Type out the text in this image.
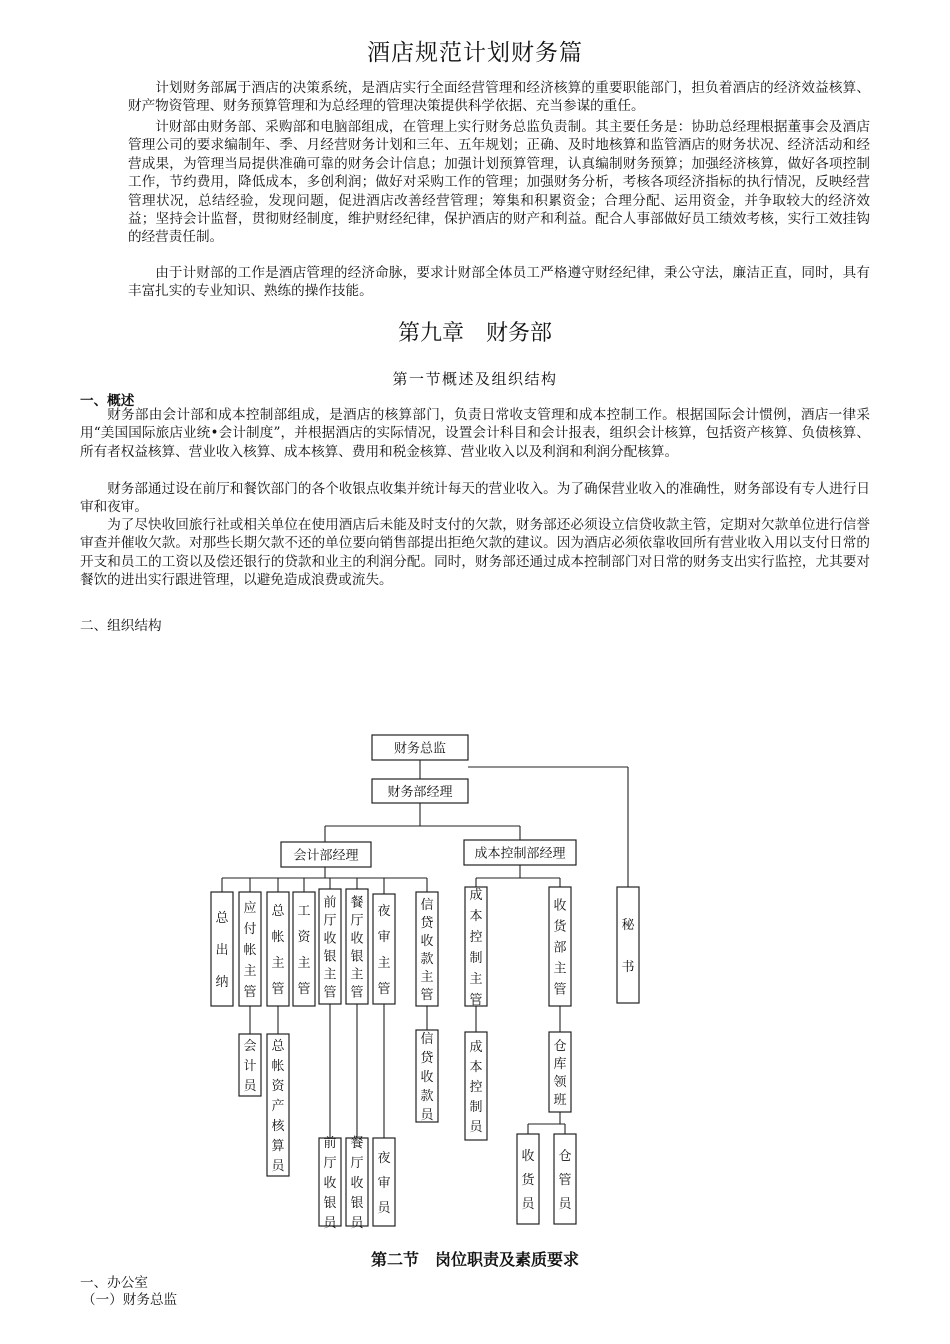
酒店规范计划财务篇

计划财务部属于酒店的决策系统，是酒店实行全面经营管理和经济核算的重要职能部门，担负着酒店的经济效益核算、财产物资管理、财务预算管理和为总经理的管理决策提供科学依据、充当参谋的重任。

计财部由财务部、采购部和电脑部组成，在管理上实行财务总监负责制。其主要任务是：协助总经理根据董事会及酒店管理公司的要求编制年、季、月经营财务计划和三年、五年规划；正确、及时地核算和监管酒店的财务状况、经济活动和经营成果，为管理当局提供准确可靠的财务会计信息；加强计划预算管理，认真编制财务预算；加强经济核算，做好各项控制工作，节约费用，降低成本，多创利润；做好对采购工作的管理；加强财务分析，考核各项经济指标的执行情况，反映经营管理状况，总结经验，发现问题，促进酒店改善经营管理；筹集和积累资金；合理分配、运用资金，并争取较大的经济效益；坚持会计监督，贯彻财经制度，维护财经纪律，保护酒店的财产和利益。配合人事部做好员工绩效考核，实行工效挂钩的经营责任制。

由于计财部的工作是酒店管理的经济命脉，要求计财部全体员工严格遵守财经纪律，秉公守法，廉洁正直，同时，具有丰富扎实的专业知识、熟练的操作技能。

第九章　财务部
第一节概述及组织结构
一、概述

财务部由会计部和成本控制部组成，是酒店的核算部门，负责日常收支管理和成本控制工作。根据国际会计惯例，酒店一律采用“美国国际旅店业统•会计制度”，并根据酒店的实际情况，设置会计科目和会计报表，组织会计核算，包括资产核算、负债核算、所有者权益核算、营业收入核算、成本核算、费用和税金核算、营业收入以及利润和利润分配核算。

财务部通过设在前厅和餐饮部门的各个收银点收集并统计每天的营业收入。为了确保营业收入的准确性，财务部设有专人进行日审和夜审。

为了尽快收回旅行社或相关单位在使用酒店后未能及时支付的欠款，财务部还必须设立信贷收款主管，定期对欠款单位进行信誉审查并催收欠款。对那些长期欠款不还的单位要向销售部提出拒绝欠款的建议。因为酒店必须依靠收回所有营业收入用以支付日常的开支和员工的工资以及偿还银行的贷款和业主的利润分配。同时，财务部还通过成本控制部门对日常的财务支出实行监控，尤其要对餐饮的进出实行跟进管理，以避免造成浪费或流失。

二、组织结构
财务总监
财务部经理
会计部经理	成本控制部经理
秘书
总出纳
应付帐主管
总帐主管
工资主管
前厅收银主管
餐厅收银主管
夜审主管
信贷收款主管
成本控制主管
收货部主管
会计员
总帐资产核算员
信贷收款员
前厅收银员
餐厅收银员
夜审员
成本控制员
仓库领班
收货员
仓管员
第二节　岗位职责及素质要求
一、办公室
（一）财务总监
